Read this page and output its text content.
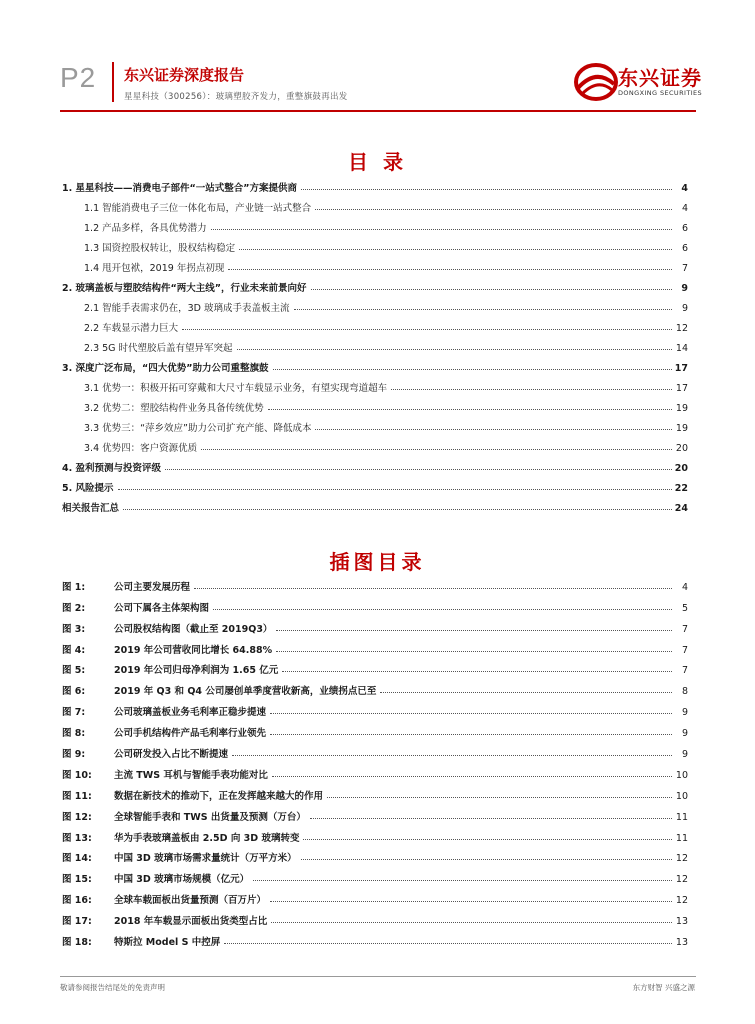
P2 东兴证券深度报告
星星科技（300256）：玻璃塑胶齐发力，重整旗鼓再出发
东兴证券
DONGXING SECURITIES
目 录
1. 星星科技——消费电子部件“一站式整合”方案提供商	4
1.1 智能消费电子三位一体化布局，产业链一站式整合	4
1.2 产品多样，各具优势潜力	6
1.3 国资控股权转让，股权结构稳定	6
1.4 甩开包袱，2019 年拐点初现	7
2. 玻璃盖板与塑胶结构件“两大主线”，行业未来前景向好	9
2.1 智能手表需求仍在，3D 玻璃成手表盖板主流	9
2.2 车载显示潜力巨大	12
2.3 5G 时代塑胶后盖有望异军突起	14
3. 深度广泛布局，“四大优势”助力公司重整旗鼓	17
3.1 优势一：积极开拓可穿戴和大尺寸车载显示业务，有望实现弯道超车	17
3.2 优势二：塑胶结构件业务具备传统优势	19
3.3 优势三：“萍乡效应”助力公司扩充产能、降低成本	19
3.4 优势四：客户资源优质	20
4. 盈利预测与投资评级	20
5. 风险提示	22
相关报告汇总	24
插图目录
图 1:	公司主要发展历程	4
图 2:	公司下属各主体架构图	5
图 3:	公司股权结构图（截止至 2019Q3）	7
图 4:	2019 年公司营收同比增长 64.88%	7
图 5:	2019 年公司归母净利润为 1.65 亿元	7
图 6:	2019 年 Q3 和 Q4 公司屡创单季度营收新高，业绩拐点已至	8
图 7:	公司玻璃盖板业务毛利率正稳步提速	9
图 8:	公司手机结构件产品毛利率行业领先	9
图 9:	公司研发投入占比不断提速	9
图 10: 主流 TWS 耳机与智能手表功能对比	10
图 11: 数据在新技术的推动下，正在发挥越来越大的作用	10
图 12: 全球智能手表和 TWS 出货量及预测（万台）	11
图 13: 华为手表玻璃盖板由 2.5D 向 3D 玻璃转变	11
图 14: 中国 3D 玻璃市场需求量统计（万平方米）	12
图 15: 中国 3D 玻璃市场规模（亿元）	12
图 16: 全球车载面板出货量预测（百万片）	12
图 17: 2018 年车载显示面板出货类型占比	13
图 18: 特斯拉 Model S 中控屏	13
敬请参阅报告结尾处的免责声明	东方财智 兴盛之源
